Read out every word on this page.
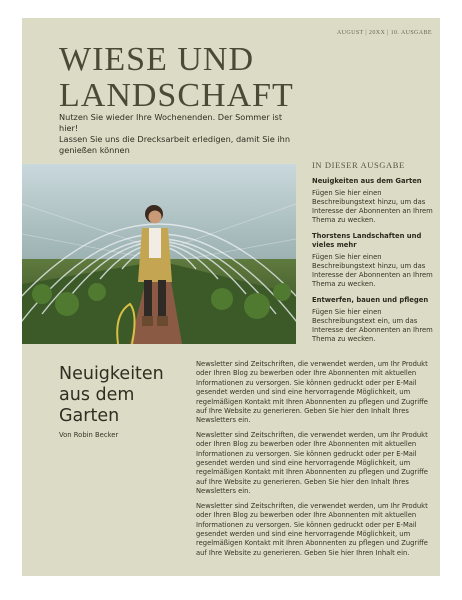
AUGUST | 20XX | 10. AUSGABE
WIESE UND
LANDSCHAFT
Nutzen Sie wieder Ihre Wochenenden. Der Sommer ist hier!
Lassen Sie uns die Drecksarbeit erledigen, damit Sie ihn genießen können
IN DIESER AUSGABE
Neuigkeiten aus dem Garten
Fügen Sie hier einen Beschreibungstext hinzu, um das Interesse der Abonnenten an Ihrem Thema zu wecken.
Thorstens Landschaften und vieles mehr
Fügen Sie hier einen Beschreibungstext hinzu, um das Interesse der Abonnenten an Ihrem Thema zu wecken.
Entwerfen, bauen und pflegen
Fügen Sie hier einen Beschreibungstext ein, um das Interesse der Abonnenten an Ihrem Thema zu wecken.
Neuigkeiten
aus dem
Garten
Von Robin Becker

Newsletter sind Zeitschriften, die verwendet werden, um Ihr Produkt oder Ihren Blog zu bewerben oder Ihre Abonnenten mit aktuellen Informationen zu versorgen. Sie können gedruckt oder per E-Mail gesendet werden und sind eine hervorragende Möglichkeit, um regelmäßigen Kontakt mit Ihren Abonnenten zu pflegen und Zugriffe auf Ihre Website zu generieren. Geben Sie hier den Inhalt Ihres Newsletters ein.

Newsletter sind Zeitschriften, die verwendet werden, um Ihr Produkt oder Ihren Blog zu bewerben oder Ihre Abonnenten mit aktuellen Informationen zu versorgen. Sie können gedruckt oder per E-Mail gesendet werden und sind eine hervorragende Möglichkeit, um regelmäßigen Kontakt mit Ihren Abonnenten zu pflegen und Zugriffe auf Ihre Website zu generieren. Geben Sie hier den Inhalt Ihres Newsletters ein.

Newsletter sind Zeitschriften, die verwendet werden, um Ihr Produkt oder Ihren Blog zu bewerben oder Ihre Abonnenten mit aktuellen Informationen zu versorgen. Sie können gedruckt oder per E-Mail gesendet werden und sind eine hervorragende Möglichkeit, um regelmäßigen Kontakt mit Ihren Abonnenten zu pflegen und Zugriffe auf Ihre Website zu generieren. Geben Sie hier Ihren Inhalt ein.
